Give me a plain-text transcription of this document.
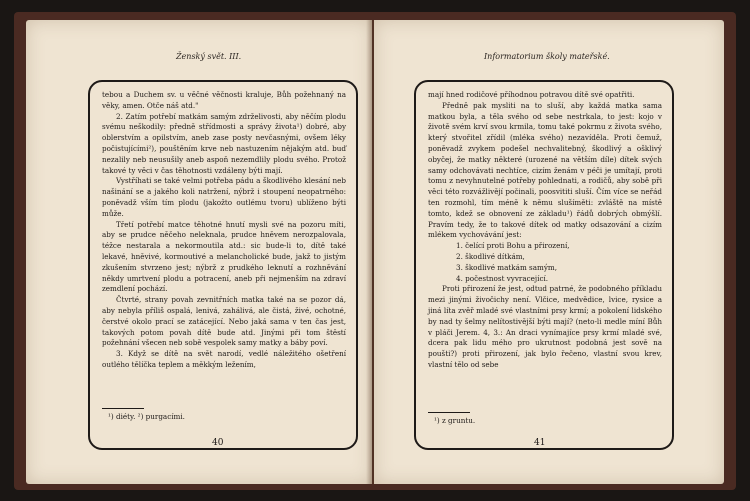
Ženský svět. III.

tebou a Duchem sv. u věčné věčnosti kraluje, Bůh požehnaný na věky, amen. Otče náš atd."

2. Zatím potřebí matkám samým zdrželivosti, aby něčím plodu svému neškodily: předně střídmosti a správy života¹) dobré, aby oblerstvím a opilstvím, aneb zase posty nevčasnými, ovšem léky počistujícími²), pouštěním krve neb nastuzením nějakým atd. buď nezalily neb neusušily aneb aspoň nezemdlily plodu svého. Protož takové ty věci v čas těhotnosti vzdáleny býti mají.

Vystříhati se také velmi potřeba pádu a škodlivého klesání neb našinání se a jakého koli natržení, nýbrž i stoupení neopatrného: poněvadž vším tím plodu (jakožto outlému tvoru) ublíženo býti může.

Třetí potřebí matce těhotné hnutí mysli své na pozoru míti, aby se prudce něčeho neleknala, prudce hněvem nerozpalovala, téžce nestarala a nekormoutila atd.: sic bude-li to, dítě také lekavé, hněvivé, kormoutivé a melancholické bude, jakž to jistým zkušením stvrzeno jest; nýbrž z prudkého leknutí a rozhněvání někdy umrtvení plodu a potracení, aneb při nejmenším na zdraví zemdlení pochází.

Čtvrté, strany povah zevnitřních matka také na se pozor dá, aby nebyla příliš ospalá, lenivá, zahálivá, ale čistá, živé, ochotné, čerstvé okolo prací se zatácející. Nebo jaká sama v ten čas jest, takových potom povah dítě bude atd. Jinými při tom štěstí požehnání všecen neb sobě vespolek samy matky a báby poví.

3. Když se dítě na svět narodí, vedlé náležitého ošetření outlého tělíčka teplem a měkkým ležením,

¹) diéty. ²) purgacími.
40
Informatorium školy mateřské.

mají hned rodičové příhodnou potravou dítě své opatřiti.

Předně pak mysliti na to sluší, aby každá matka sama matkou byla, a těla svého od sebe nestrkala, to jest: kojo v životě svém krví svou krmila, tomu také pokrmu z života svého, který stvořitel zřídil (mléka svého) nezavíděla. Proti čemuž, poněvadž zvykem podešel nechvalitebný, škodlivý a ošklivý obyčej, že matky některé (urozené na větším díle) dítek svých samy odchovávati nechtíce, cizím ženám v péči je umítají, proti tomu z nevyhnutelné potřeby pohlednati, a rodičů, aby sobě při věci této rozvážlivějí počinali, poosvititi sluší. Čím více se neřád ten rozmohl, tím méně k němu slušíměti: zvláště na místě tomto, kdež se obnovení ze základu¹) řádů dobrých obmýšlí. Pravím tedy, že to takové dítek od matky odsazování a cizím mlékem vychovávání jest:

1. čelící proti Bohu a přirození,
2. škodlivé dítkám,
3. škodlivé matkám samým,
4. počestnost vyvracející.

Proti přirození že jest, odtud patrné, že podobného příkladu mezi jinými živočichy není. Vlčice, medvědice, lvice, rysice a jiná líta zvěř mladé své vlastními prsy krmí; a pokolení lidského by nad ty šelmy nelítostivější býti mají? (neto-li medle míní Bůh v pláči Jerem. 4, 3.: An draci vynímajíce prsy krmí mladé své, dcera pak lidu mého pro ukrutnost podobná jest sově na poušti?) proti přirození, jak bylo řečeno, vlastní svou krev, vlastní tělo od sebe

¹) z gruntu.
41
